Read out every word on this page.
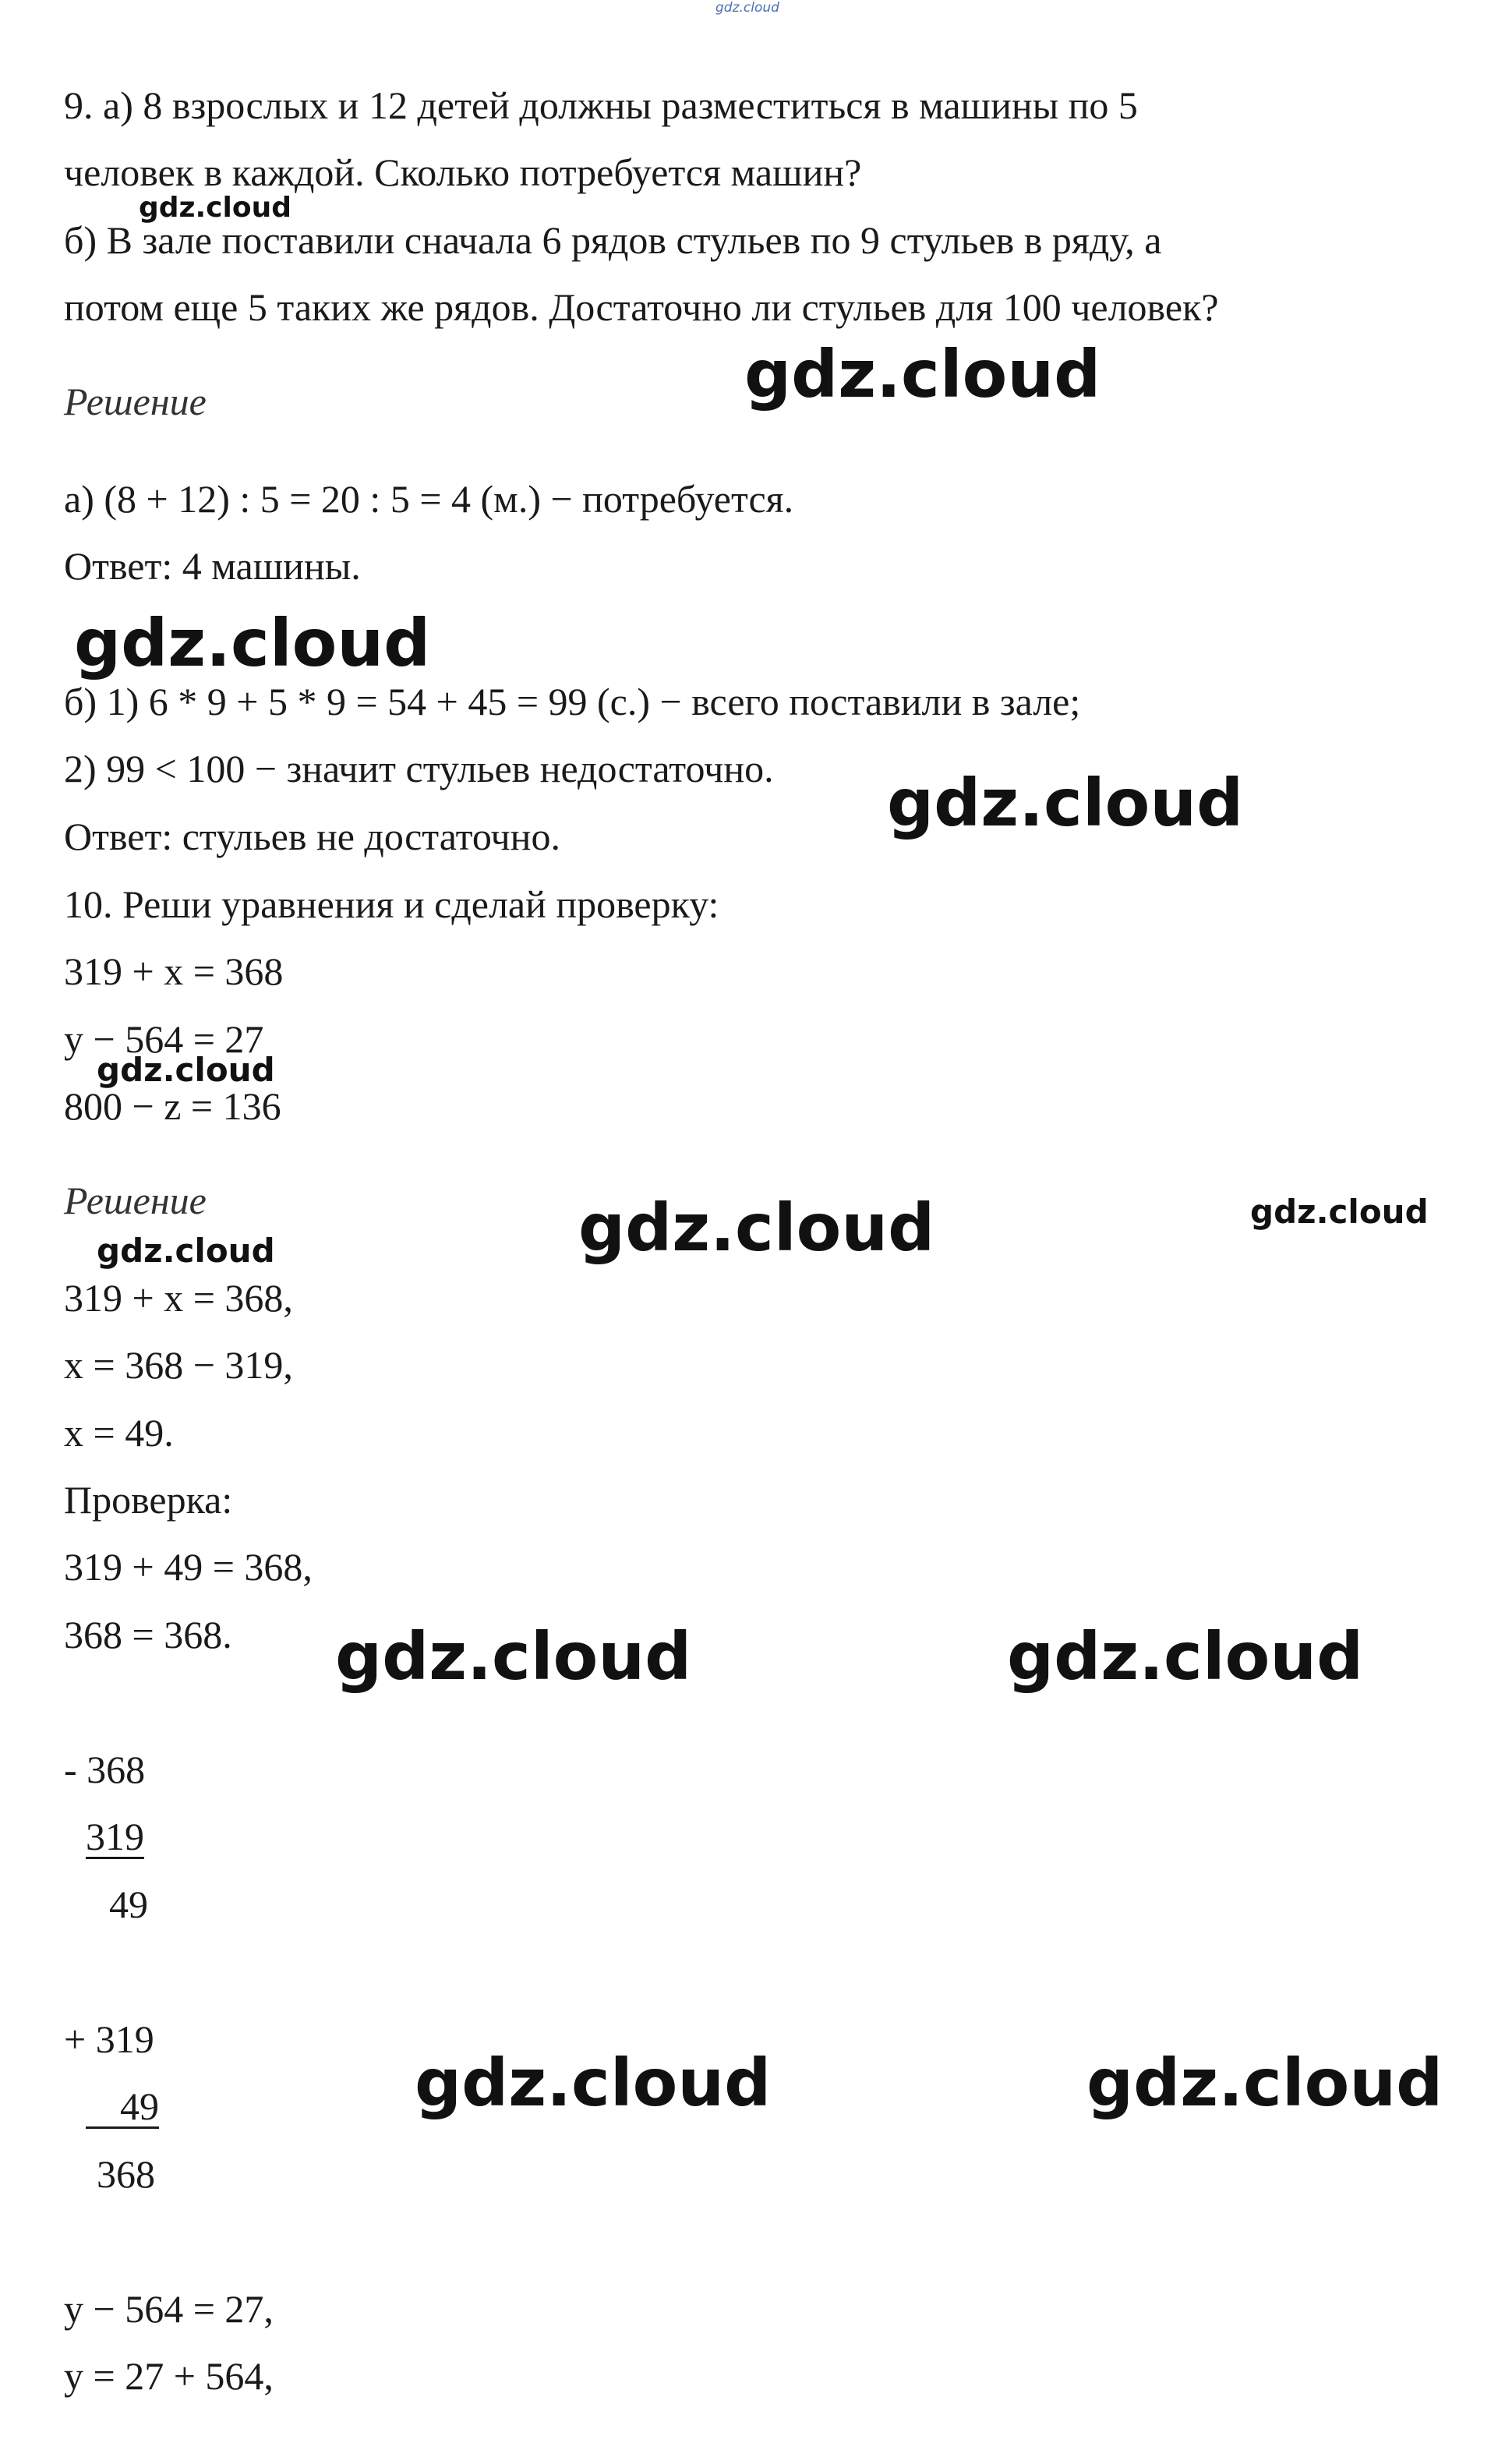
gdz.cloud
gdz.cloud
gdz.cloud
gdz.cloud
gdz.cloud
gdz.cloud
gdz.cloud	gdz.cloud
gdz.cloud
gdz.cloud	gdz.cloud
gdz.cloud	gdz.cloud

9. а) 8 взрослых и 12 детей должны разместиться в машины по 5

человек в каждой. Сколько потребуется машин?

б) В зале поставили сначала 6 рядов стульев по 9 стульев в ряду, а

потом еще 5 таких же рядов. Достаточно ли стульев для 100 человек?

Решение

а) (8 + 12) : 5 = 20 : 5 = 4 (м.) − потребуется.

Ответ: 4 машины.

б) 1) 6 * 9 + 5 * 9 = 54 + 45 = 99 (с.) − всего поставили в зале;

2) 99 < 100 − значит стульев недостаточно.

Ответ: стульев не достаточно.

10. Реши уравнения и сделай проверку:

319 + x = 368

y − 564 = 27

800 − z = 136

Решение

319 + x = 368,

x = 368 − 319,

x = 49.

Проверка:

319 + 49 = 368,

368 = 368.

- 368

319

49

+ 319

49

368

y − 564 = 27,

y = 27 + 564,
